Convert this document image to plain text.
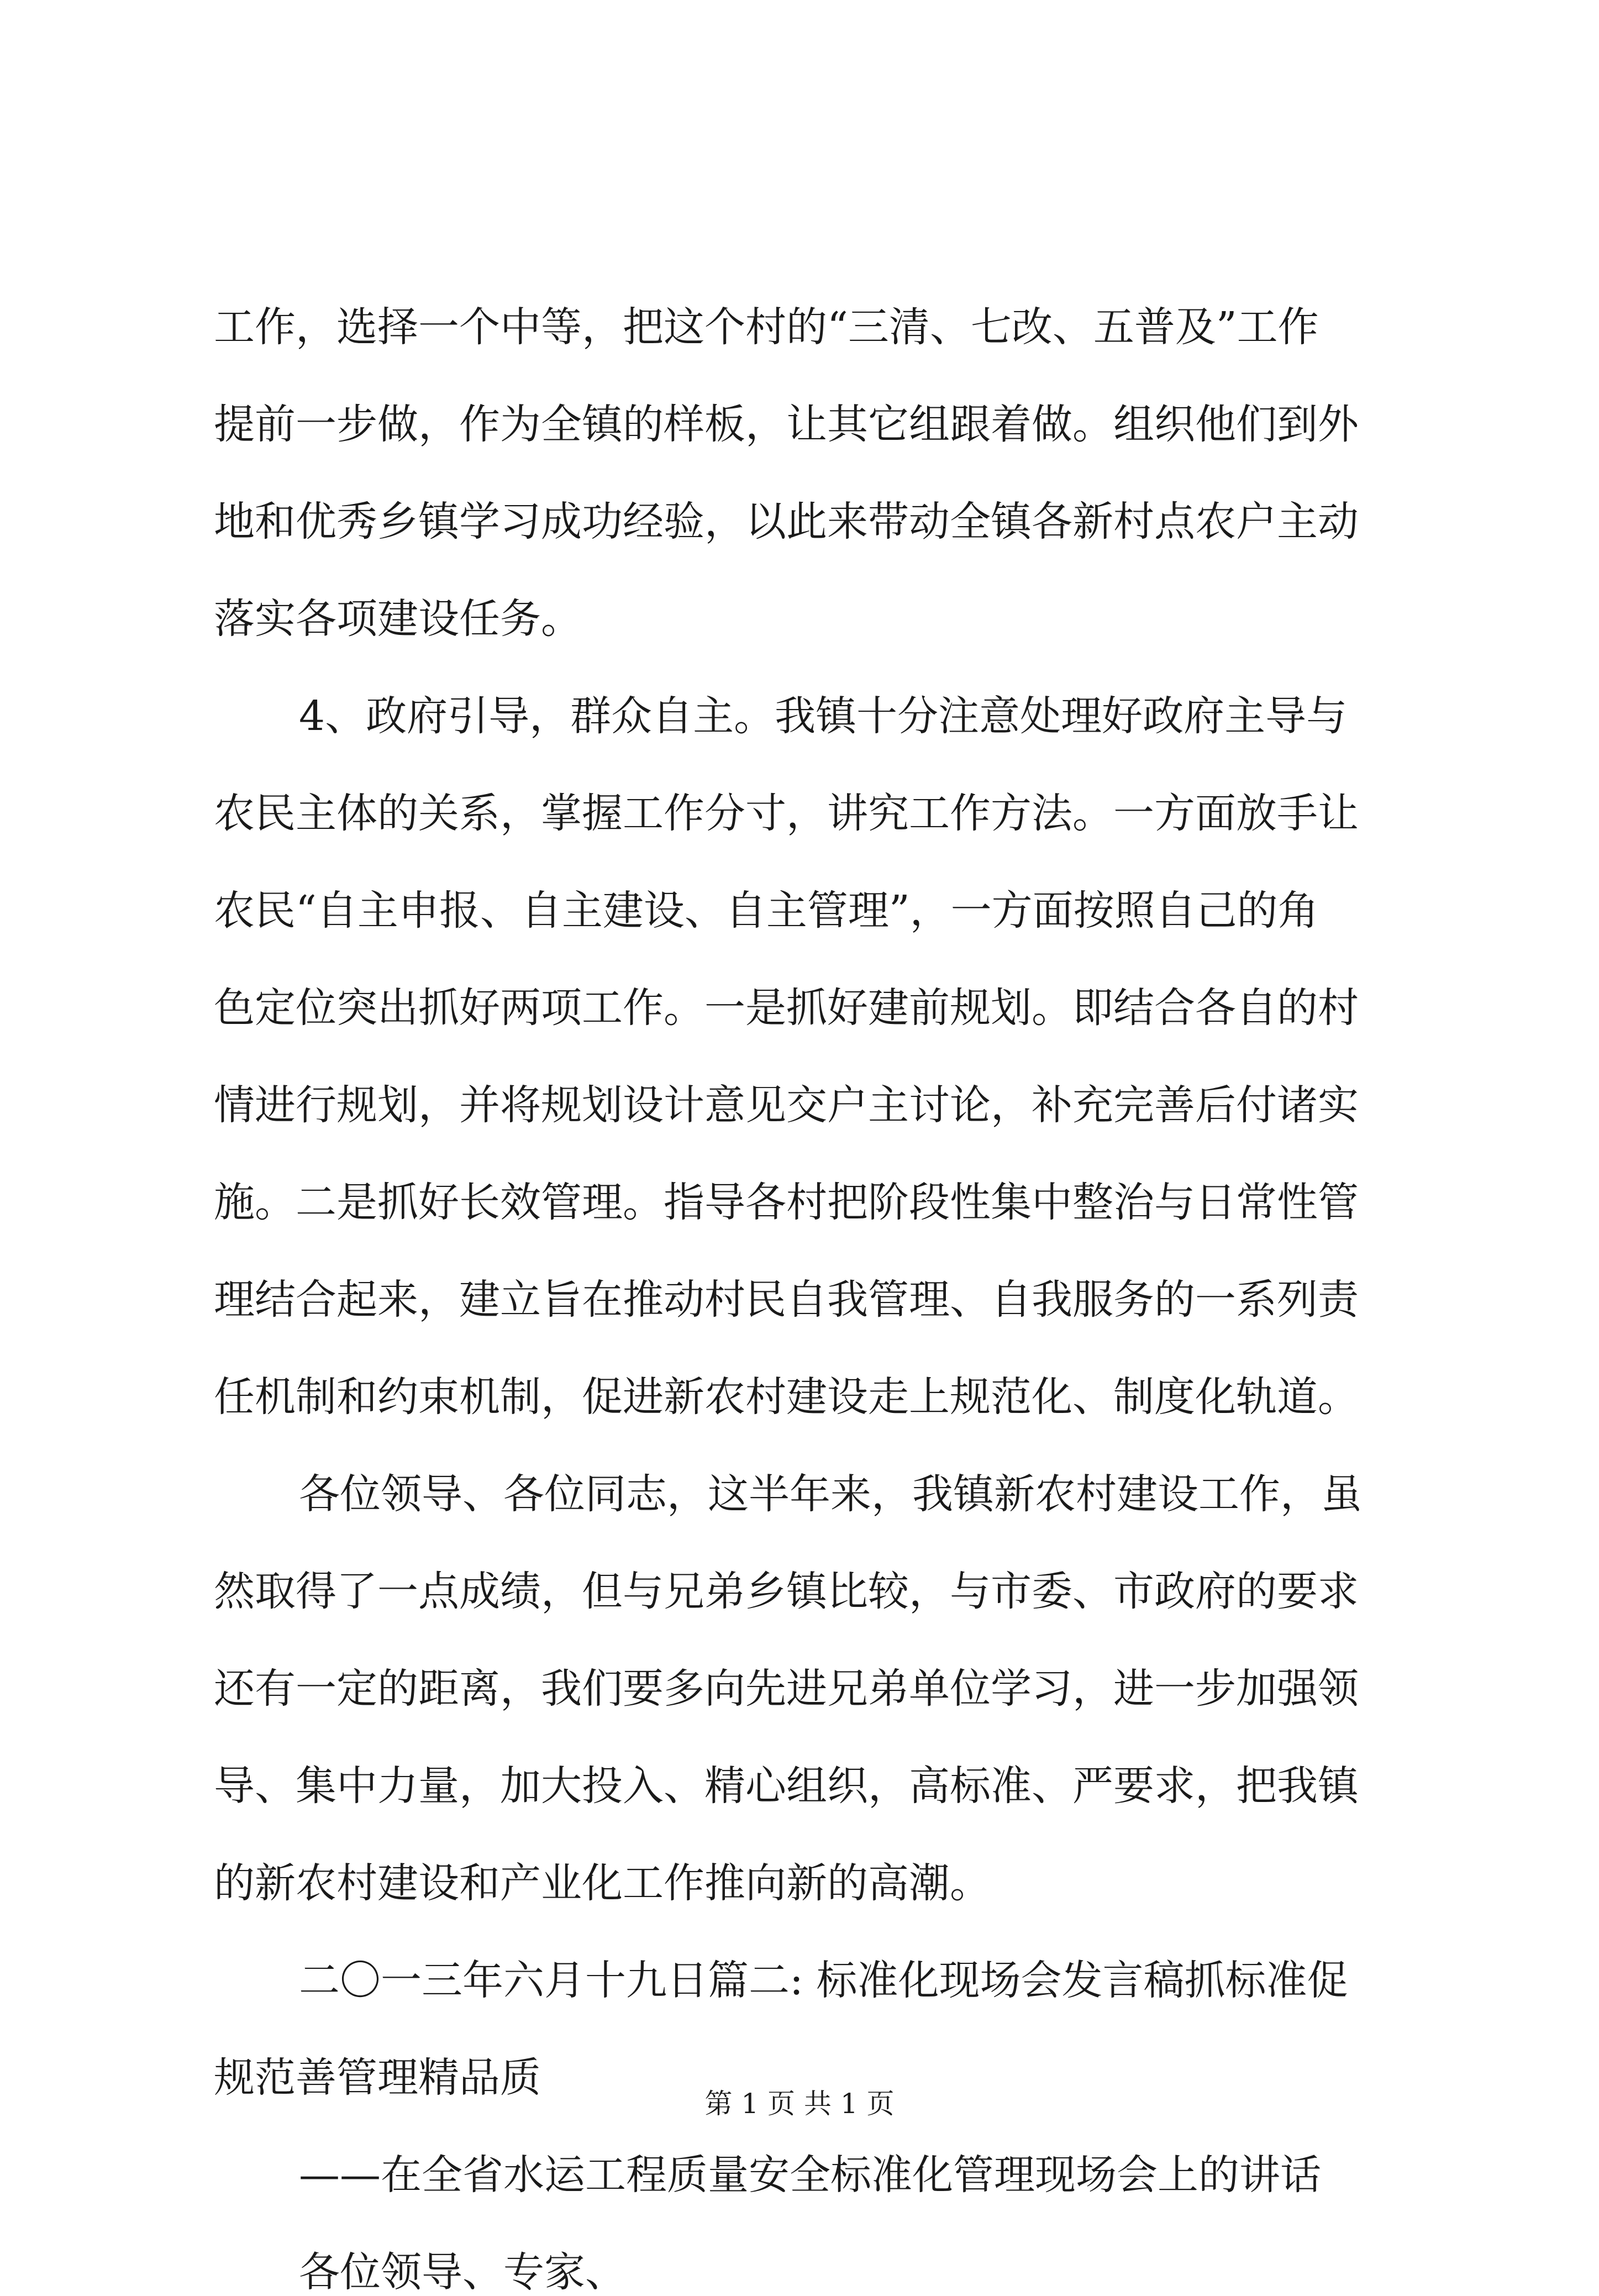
工作，选择一个中等，把这个村的“三清、七改、五普及”工作
提前一步做，作为全镇的样板，让其它组跟着做。组织他们到外
地和优秀乡镇学习成功经验，以此来带动全镇各新村点农户主动
落实各项建设任务。
4、政府引导，群众自主。我镇十分注意处理好政府主导与
农民主体的关系，掌握工作分寸，讲究工作方法。一方面放手让
农民“自主申报、自主建设、自主管理”，一方面按照自己的角
色定位突出抓好两项工作。一是抓好建前规划。即结合各自的村
情进行规划，并将规划设计意见交户主讨论，补充完善后付诸实
施。二是抓好长效管理。指导各村把阶段性集中整治与日常性管
理结合起来，建立旨在推动村民自我管理、自我服务的一系列责
任机制和约束机制，促进新农村建设走上规范化、制度化轨道。
各位领导、各位同志，这半年来，我镇新农村建设工作，虽
然取得了一点成绩，但与兄弟乡镇比较，与市委、市政府的要求
还有一定的距离，我们要多向先进兄弟单位学习，进一步加强领
导、集中力量，加大投入、精心组织，高标准、严要求，把我镇
的新农村建设和产业化工作推向新的高潮。
二〇一三年六月十九日篇二: 标准化现场会发言稿抓标准促
规范善管理精品质
——在全省水运工程质量安全标准化管理现场会上的讲话
各位领导、专家、
第 1 页 共 1 页
